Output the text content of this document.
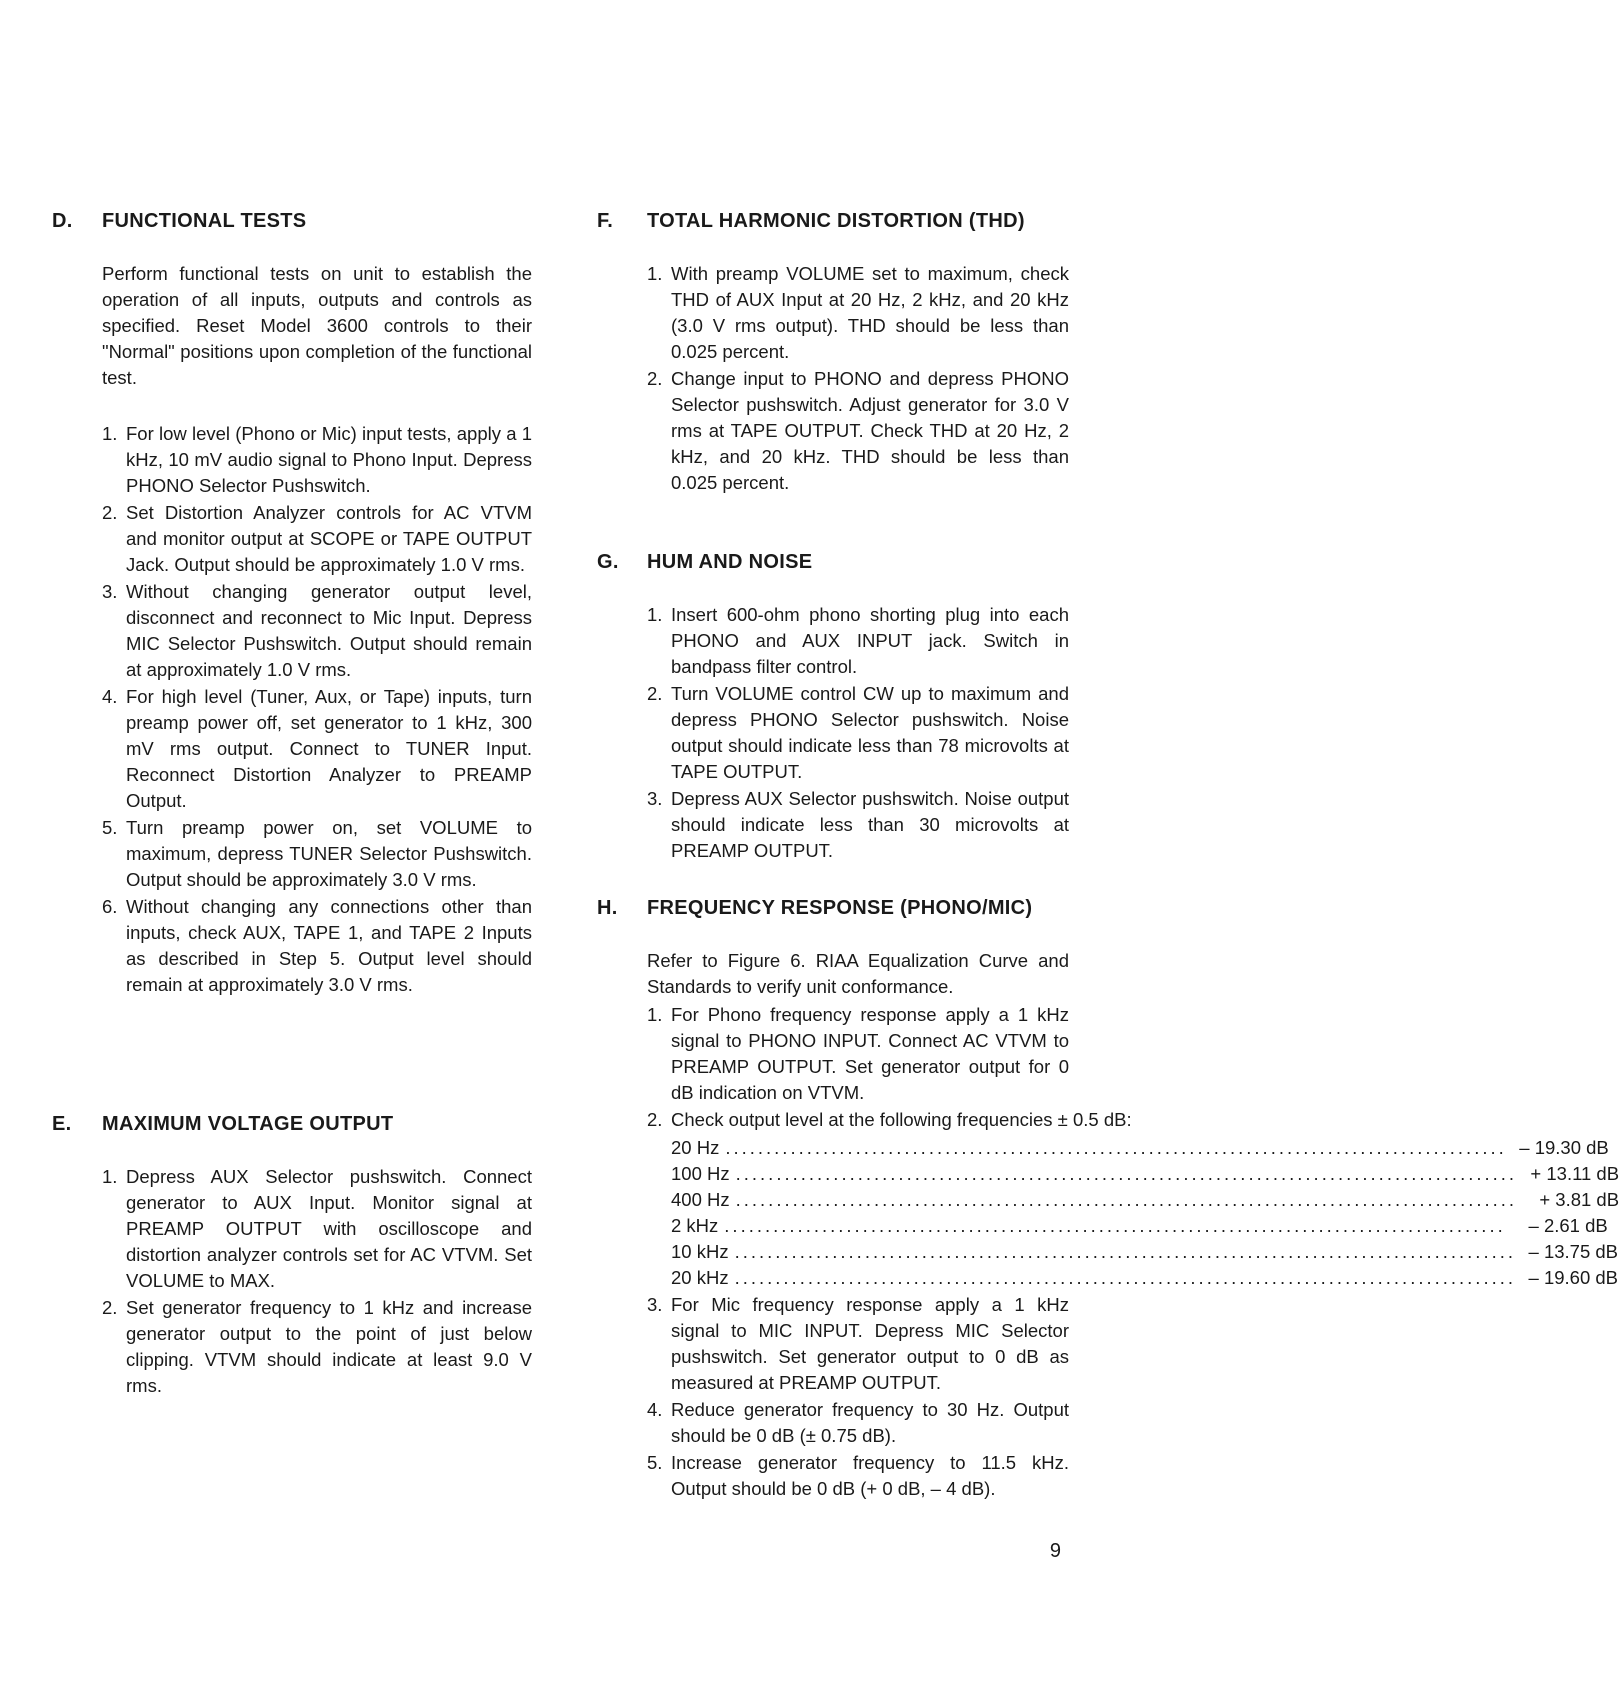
D.	FUNCTIONAL TESTS

Perform functional tests on unit to establish the operation of all inputs, outputs and controls as specified. Reset Model 3600 controls to their "Normal" positions upon completion of the functional test.

1. For low level (Phono or Mic) input tests, apply a 1 kHz, 10 mV audio signal to Phono Input. Depress PHONO Selector Pushswitch.
2. Set Distortion Analyzer controls for AC VTVM and monitor output at SCOPE or TAPE OUTPUT Jack. Output should be approximately 1.0 V rms.
3. Without changing generator output level, disconnect and reconnect to Mic Input. Depress MIC Selector Pushswitch. Output should remain at approximately 1.0 V rms.
4. For high level (Tuner, Aux, or Tape) inputs, turn preamp power off, set generator to 1 kHz, 300 mV rms output. Connect to TUNER Input. Reconnect Distortion Analyzer to PREAMP Output.
5. Turn preamp power on, set VOLUME to maximum, depress TUNER Selector Pushswitch. Output should be approximately 3.0 V rms.
6. Without changing any connections other than inputs, check AUX, TAPE 1, and TAPE 2 Inputs as described in Step 5. Output level should remain at approximately 3.0 V rms.
E.	MAXIMUM VOLTAGE OUTPUT
1. Depress AUX Selector pushswitch. Connect generator to AUX Input. Monitor signal at PREAMP OUTPUT with oscilloscope and distortion analyzer controls set for AC VTVM. Set VOLUME to MAX.
2. Set generator frequency to 1 kHz and increase generator output to the point of just below clipping. VTVM should indicate at least 9.0 V rms.
F.	TOTAL HARMONIC DISTORTION (THD)
1. With preamp VOLUME set to maximum, check THD of AUX Input at 20 Hz, 2 kHz, and 20 kHz (3.0 V rms output). THD should be less than 0.025 percent.
2. Change input to PHONO and depress PHONO Selector pushswitch. Adjust generator for 3.0 V rms at TAPE OUTPUT. Check THD at 20 Hz, 2 kHz, and 20 kHz. THD should be less than 0.025 percent.
G.	HUM AND NOISE
1. Insert 600-ohm phono shorting plug into each PHONO and AUX INPUT jack. Switch in bandpass filter control.
2. Turn VOLUME control CW up to maximum and depress PHONO Selector pushswitch. Noise output should indicate less than 78 microvolts at TAPE OUTPUT.
3. Depress AUX Selector pushswitch. Noise output should indicate less than 30 microvolts at PREAMP OUTPUT.
H.	FREQUENCY RESPONSE (PHONO/MIC)

Refer to Figure 6. RIAA Equalization Curve and Standards to verify unit conformance.

1. For Phono frequency response apply a 1 kHz signal to PHONO INPUT. Connect AC VTVM to PREAMP OUTPUT. Set generator output for 0 dB indication on VTVM.
2. Check output level at the following frequencies ± 0.5 dB:
20 Hz .....	– 19.30 dB
100 Hz .....	+ 13.11 dB
400 Hz .....	+ 3.81 dB
2 kHz .....	– 2.61 dB
10 kHz .....	– 13.75 dB
20 kHz .....	– 19.60 dB
3. For Mic frequency response apply a 1 kHz signal to MIC INPUT. Depress MIC Selector pushswitch. Set generator output to 0 dB as measured at PREAMP OUTPUT.
4. Reduce generator frequency to 30 Hz. Output should be 0 dB (± 0.75 dB).
5. Increase generator frequency to 11.5 kHz. Output should be 0 dB (+ 0 dB, – 4 dB).
9
